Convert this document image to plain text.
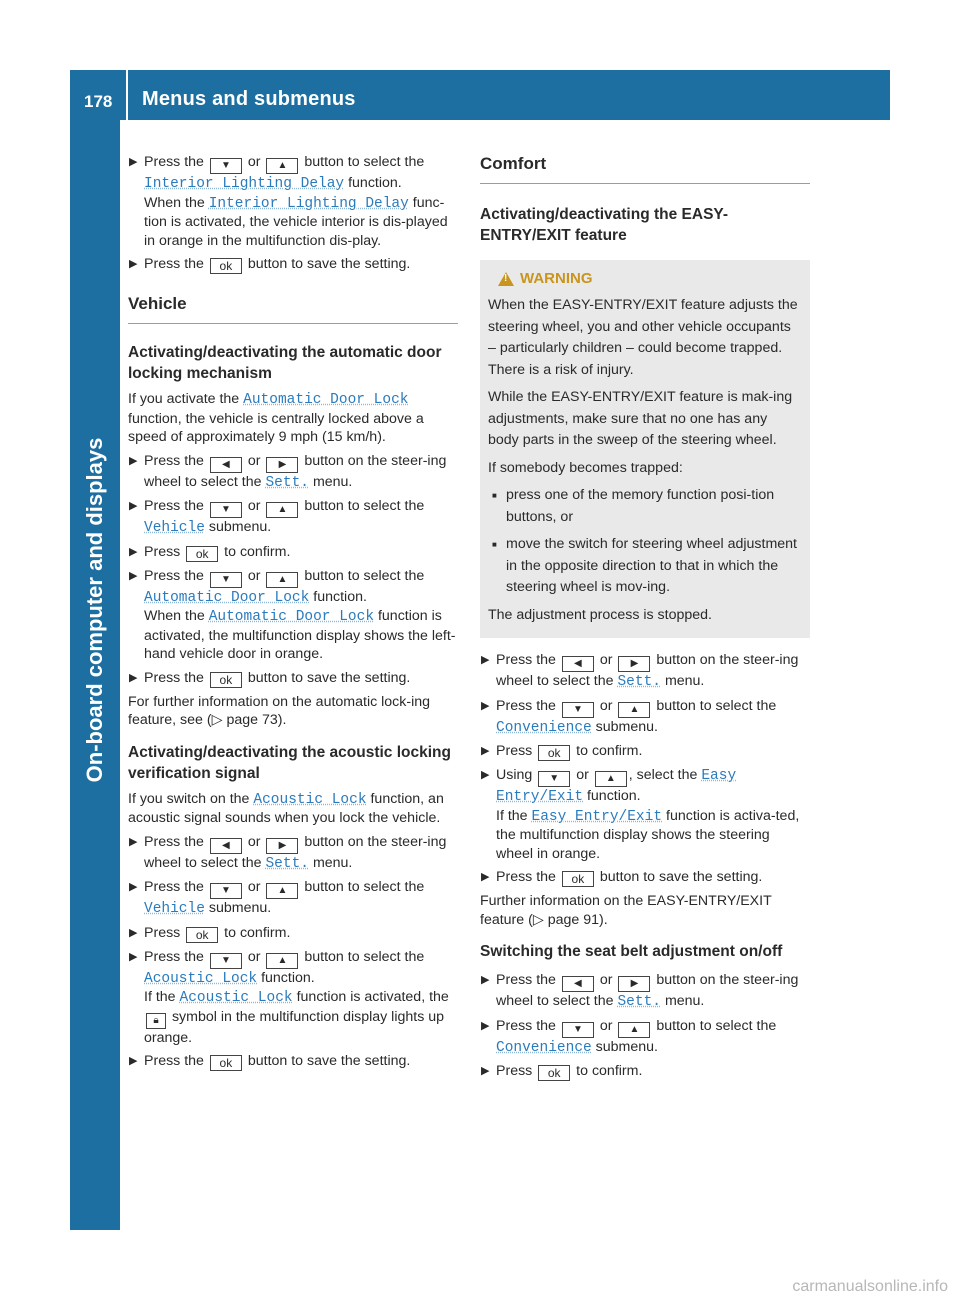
178 Menus and submenus
On-board computer and displays
▶ Press the ▼ or ▲ button to select the Interior Lighting Delay function.
When the Interior Lighting Delay func-tion is activated, the vehicle interior is dis-played in orange in the multifunction dis-play.
▶ Press the ok button to save the setting.
Vehicle
Activating/deactivating the automatic door locking mechanism

If you activate the Automatic Door Lock function, the vehicle is centrally locked above a speed of approximately 9 mph (15 km/h).

▶ Press the ◀ or ▶ button on the steer-ing wheel to select the Sett. menu.
▶ Press the ▼ or ▲ button to select the Vehicle submenu.
▶ Press ok to confirm.
▶ Press the ▼ or ▲ button to select the Automatic Door Lock function.
When the Automatic Door Lock function is activated, the multifunction display shows the left-hand vehicle door in orange.
▶ Press the ok button to save the setting.

For further information on the automatic lock-ing feature, see (▷ page 73).

Activating/deactivating the acoustic locking verification signal

If you switch on the Acoustic Lock function, an acoustic signal sounds when you lock the vehicle.

▶ Press the ◀ or ▶ button on the steer-ing wheel to select the Sett. menu.
▶ Press the ▼ or ▲ button to select the Vehicle submenu.
▶ Press ok to confirm.
▶ Press the ▼ or ▲ button to select the Acoustic Lock function.
If the Acoustic Lock function is activated, the 🔒︎ symbol in the multifunction display lights up orange.
▶ Press the ok button to save the setting.
Comfort
Activating/deactivating the EASY-ENTRY/EXIT feature
!
WARNING

When the EASY-ENTRY/EXIT feature adjusts the steering wheel, you and other vehicle occupants – particularly children – could become trapped. There is a risk of injury.

While the EASY-ENTRY/EXIT feature is mak-ing adjustments, make sure that no one has any body parts in the sweep of the steering wheel.

If somebody becomes trapped:

■ press one of the memory function posi-tion buttons, or
■ move the switch for steering wheel adjustment in the opposite direction to that in which the steering wheel is mov-ing.

The adjustment process is stopped.

▶ Press the ◀ or ▶ button on the steer-ing wheel to select the Sett. menu.
▶ Press the ▼ or ▲ button to select the Convenience submenu.
▶ Press ok to confirm.
▶ Using ▼ or ▲ , select the Easy Entry/Exit function.
If the Easy Entry/Exit function is activa-ted, the multifunction display shows the steering wheel in orange.
▶ Press the ok button to save the setting.

Further information on the EASY-ENTRY/EXIT feature (▷ page 91).

Switching the seat belt adjustment on/off
▶ Press the ◀ or ▶ button on the steer-ing wheel to select the Sett. menu.
▶ Press the ▼ or ▲ button to select the Convenience submenu.
▶ Press ok to confirm.
carmanualsonline.info
